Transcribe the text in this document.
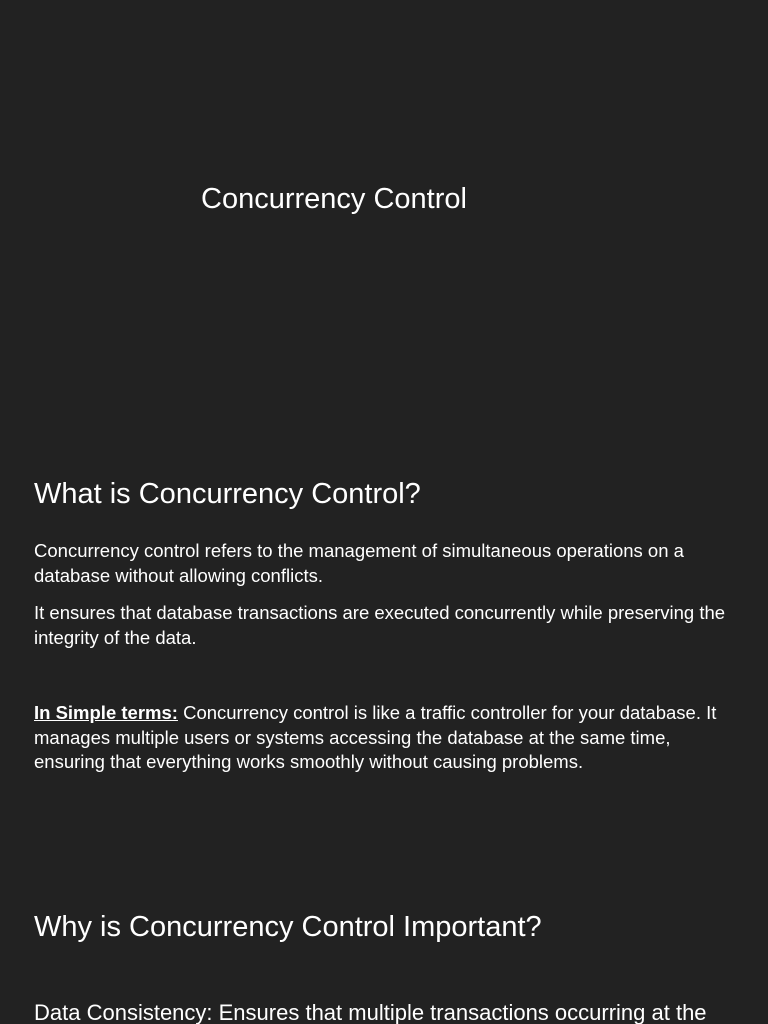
Concurrency Control
What is Concurrency Control?

Concurrency control refers to the management of simultaneous operations on a database without allowing conflicts.

It ensures that database transactions are executed concurrently while preserving the integrity of the data.

In Simple terms: Concurrency control is like a traffic controller for your database. It manages multiple users or systems accessing the database at the same time, ensuring that everything works smoothly without causing problems.

Why is Concurrency Control Important?

Data Consistency: Ensures that multiple transactions occurring at the
